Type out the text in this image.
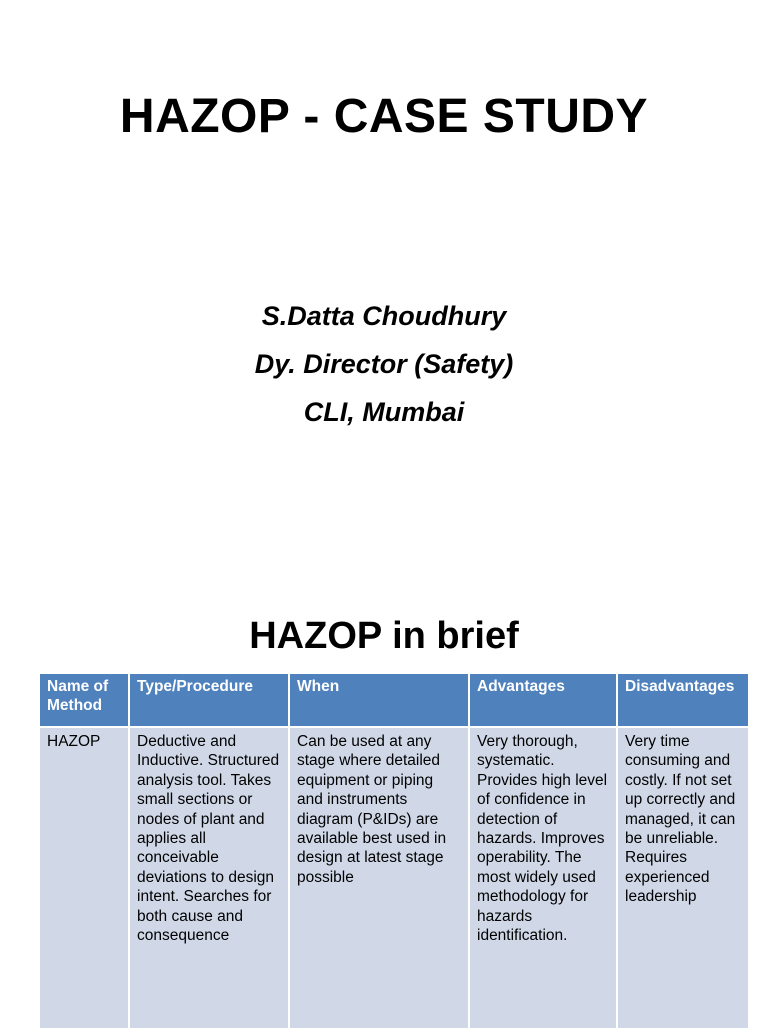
HAZOP - CASE STUDY
S.Datta Choudhury
Dy. Director (Safety)
CLI, Mumbai
HAZOP in brief
Name of Method	Type/Procedure	When	Advantages	Disadvantages
HAZOP	Deductive and Inductive. Structured analysis tool. Takes small sections or nodes of plant and applies all conceivable deviations to design intent. Searches for both cause and consequence	Can be used at any stage where detailed equipment or piping and instruments diagram (P&IDs) are available best used in design at latest stage possible	Very thorough, systematic. Provides high level of confidence in detection of hazards. Improves operability. The most widely used methodology for hazards identification.	Very time consuming and costly. If not set up correctly and managed, it can be unreliable. Requires experienced leadership
